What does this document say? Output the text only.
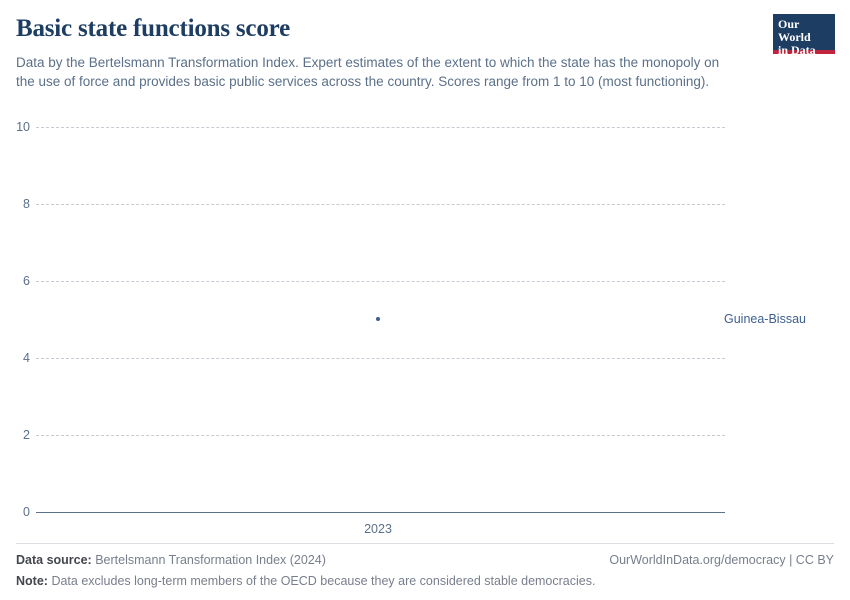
Basic state functions score

Data by the Bertelsmann Transformation Index. Expert estimates of the extent to which the state has the monopoly on the use of force and provides basic public services across the country. Scores range from 1 to 10 (most functioning).

Our World
in Data
10
8
6
4
2
0
2023
Guinea-Bissau
Data source: Bertelsmann Transformation Index (2024)	OurWorldInData.org/democracy | CC BY
Note: Data excludes long-term members of the OECD because they are considered stable democracies.
